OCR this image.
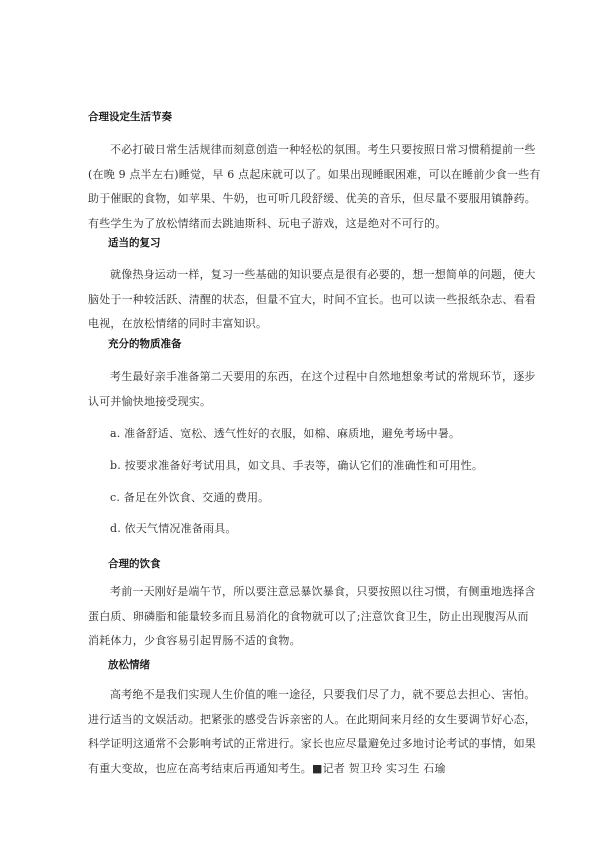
合理设定生活节奏
不必打破日常生活规律而刻意创造一种轻松的氛围。考生只要按照日常习惯稍提前一些
(在晚 9 点半左右)睡觉，早 6 点起床就可以了。如果出现睡眠困难，可以在睡前少食一些有
助于催眠的食物，如苹果、牛奶，也可听几段舒缓、优美的音乐，但尽量不要服用镇静药。
有些学生为了放松情绪而去跳迪斯科、玩电子游戏，这是绝对不可行的。
适当的复习
就像热身运动一样，复习一些基础的知识要点是很有必要的，想一想简单的问题，使大
脑处于一种较活跃、清醒的状态，但量不宜大，时间不宜长。也可以读一些报纸杂志、看看
电视，在放松情绪的同时丰富知识。
充分的物质准备
考生最好亲手准备第二天要用的东西，在这个过程中自然地想象考试的常规环节，逐步
认可并愉快地接受现实。
a. 准备舒适、宽松、透气性好的衣服，如棉、麻质地，避免考场中暑。
b. 按要求准备好考试用具，如文具、手表等，确认它们的准确性和可用性。
c. 备足在外饮食、交通的费用。
d. 依天气情况准备雨具。
合理的饮食
考前一天刚好是端午节，所以要注意忌暴饮暴食，只要按照以往习惯，有侧重地选择含
蛋白质、卵磷脂和能量较多而且易消化的食物就可以了;注意饮食卫生，防止出现腹泻从而
消耗体力，少食容易引起胃肠不适的食物。
放松情绪
高考绝不是我们实现人生价值的唯一途径，只要我们尽了力，就不要总去担心、害怕。
进行适当的文娱活动。把紧张的感受告诉亲密的人。在此期间来月经的女生要调节好心态，
科学证明这通常不会影响考试的正常进行。家长也应尽量避免过多地讨论考试的事情，如果
有重大变故，也应在高考结束后再通知考生。■记者 贺卫玲 实习生 石瑜
